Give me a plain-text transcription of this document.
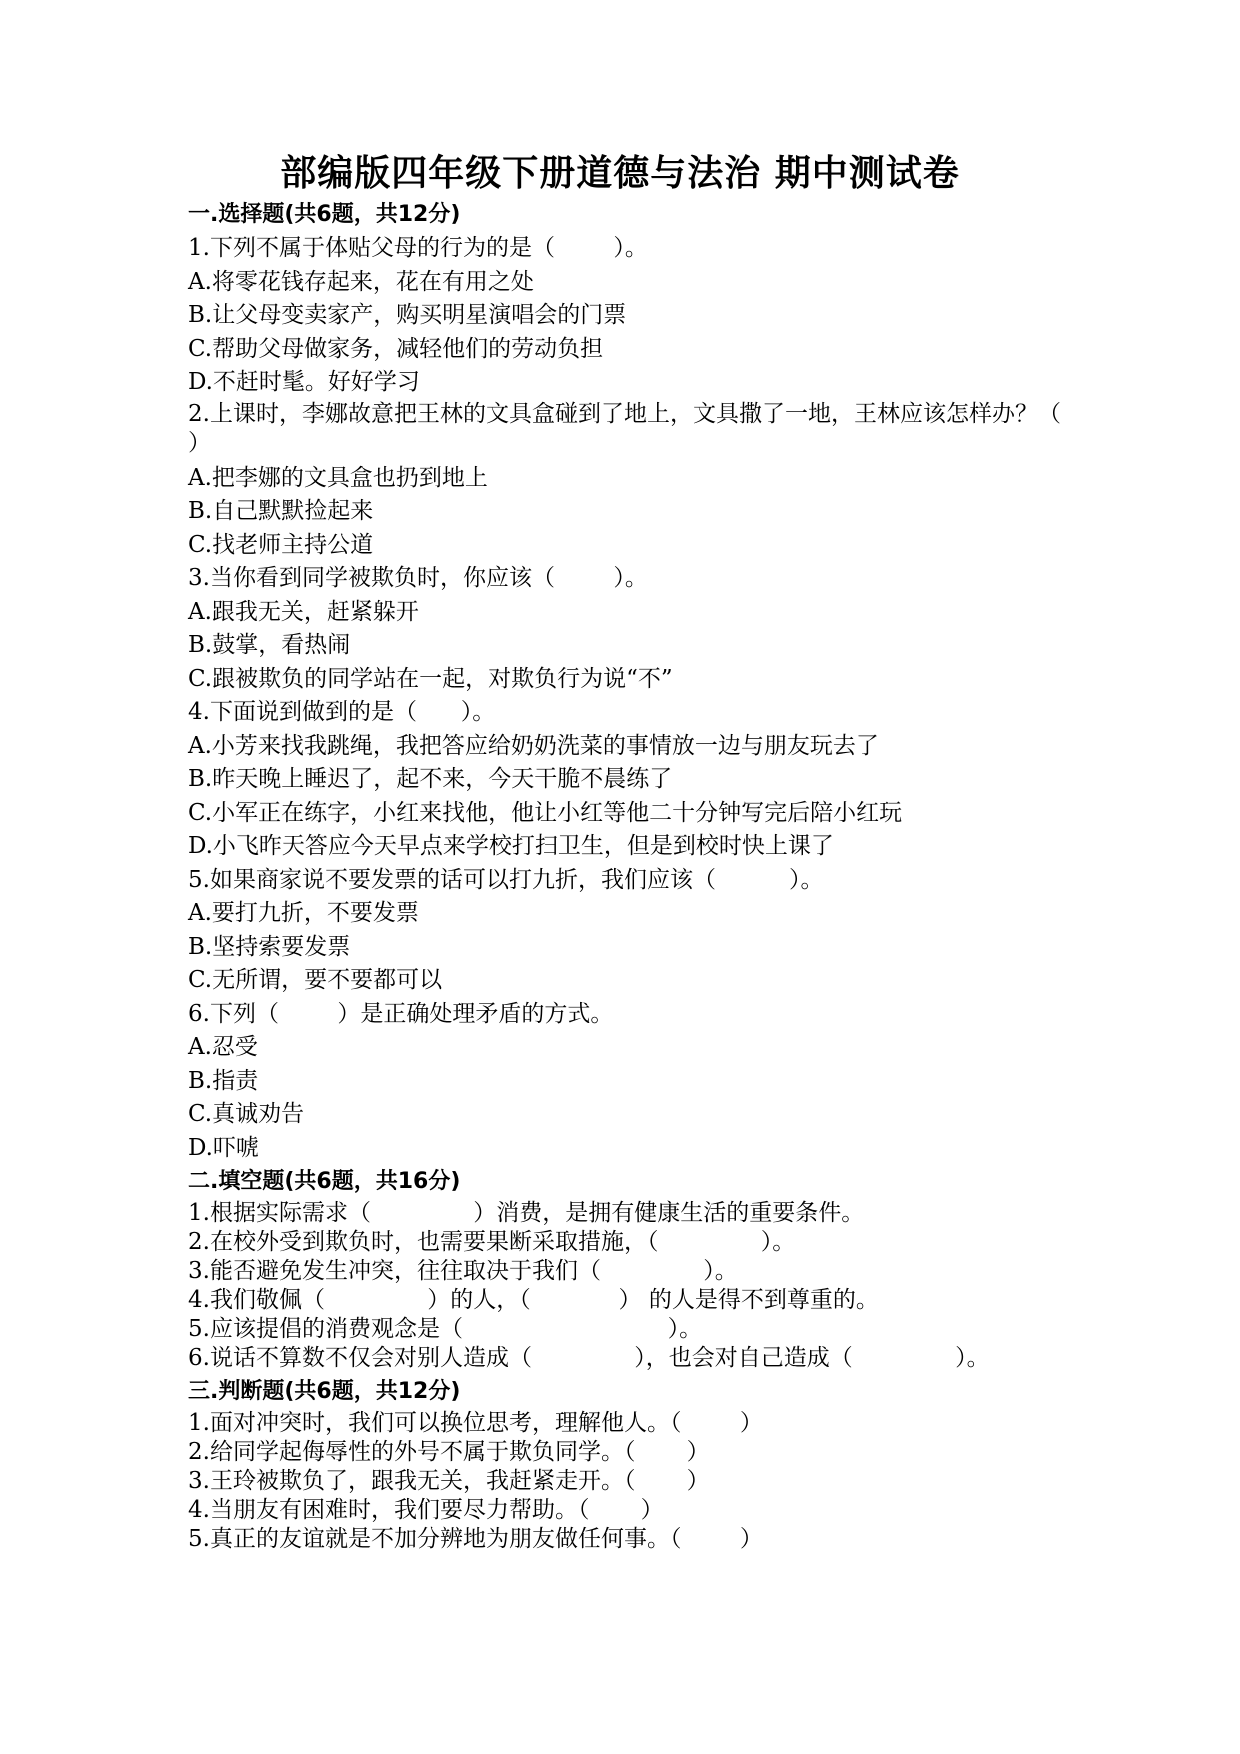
部编版四年级下册道德与法治 期中测试卷
一.选择题(共6题，共12分)
1.下列不属于体贴父母的行为的是（        ）。
A.将零花钱存起来，花在有用之处
B.让父母变卖家产，购买明星演唱会的门票
C.帮助父母做家务，减轻他们的劳动负担
D.不赶时髦。好好学习
2.上课时，李娜故意把王林的文具盒碰到了地上，文具撒了一地，王林应该怎样办？（        ）
A.把李娜的文具盒也扔到地上
B.自己默默捡起来
C.找老师主持公道
3.当你看到同学被欺负时，你应该（        ）。
A.跟我无关，赶紧躲开
B.鼓掌，看热闹
C.跟被欺负的同学站在一起，对欺负行为说“不”
4.下面说到做到的是（      ）。
A.小芳来找我跳绳，我把答应给奶奶洗菜的事情放一边与朋友玩去了
B.昨天晚上睡迟了，起不来，今天干脆不晨练了
C.小军正在练字，小红来找他，他让小红等他二十分钟写完后陪小红玩
D.小飞昨天答应今天早点来学校打扫卫生，但是到校时快上课了
5.如果商家说不要发票的话可以打九折，我们应该（          ）。
A.要打九折，不要发票
B.坚持索要发票
C.无所谓，要不要都可以
6.下列（        ）是正确处理矛盾的方式。
A.忍受
B.指责
C.真诚劝告
D.吓唬
二.填空题(共6题，共16分)
1.根据实际需求（              ）消费，是拥有健康生活的重要条件。
2.在校外受到欺负时，也需要果断采取措施，（              ）。
3.能否避免发生冲突，往往取决于我们（              ）。
4.我们敬佩（              ）的人，（            ） 的人是得不到尊重的。
5.应该提倡的消费观念是（                            ）。
6.说话不算数不仅会对别人造成（              ），也会对自己造成（              ）。
三.判断题(共6题，共12分)
1.面对冲突时，我们可以换位思考，理解他人。（        ）
2.给同学起侮辱性的外号不属于欺负同学。（       ）
3.王玲被欺负了，跟我无关，我赶紧走开。（       ）
4.当朋友有困难时，我们要尽力帮助。（       ）
5.真正的友谊就是不加分辨地为朋友做任何事。（        ）
